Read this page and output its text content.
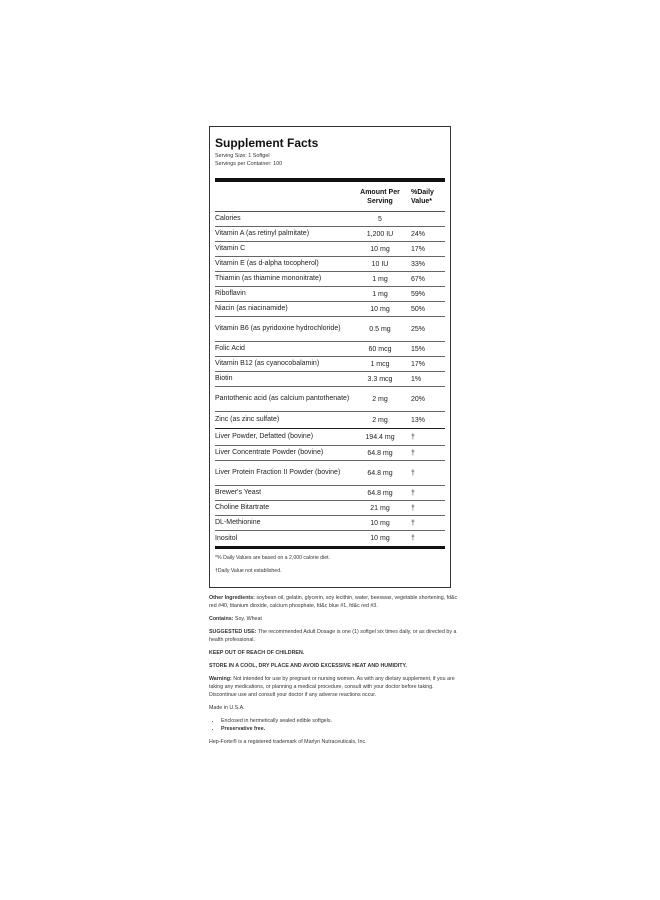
Supplement Facts
Serving Size: 1 Softgel
Servings per Container: 100
Amount Per Serving
%Daily Value*
Calories	5
Vitamin A (as retinyl palmitate)	1,200 IU	24%
Vitamin C	10 mg	17%
Vitamin E (as d-alpha tocopherol)	10 IU	33%
Thiamin (as thiamine mononitrate)	1 mg	67%
Riboflavin	1 mg	59%
Niacin (as niacinamide)	10 mg	50%
Vitamin B6 (as pyridoxine hydrochloride)	0.5 mg	25%
Folic Acid	60 mcg	15%
Vitamin B12 (as cyanocobalamin)	1 mcg	17%
Biotin	3.3 mcg	1%
Pantothenic acid (as calcium pantothenate)	2 mg	20%
Zinc (as zinc sulfate)	2 mg	13%
Liver Powder, Defatted (bovine)	194.4 mg	†
Liver Concentrate Powder (bovine)	64.8 mg	†
Liver Protein Fraction II Powder (bovine)	64.8 mg	†
Brewer's Yeast	64.8 mg	†
Choline Bitartrate	21 mg	†
DL-Methionine	10 mg	†
Inositol	10 mg	†
*% Daily Values are based on a 2,000 calorie diet.
†Daily Value not established.

Other Ingredients: soybean oil, gelatin, glycerin, soy lecithin, water, beeswax, vegetable shortening, fd&c red #40, titanium dioxide, calcium phosphate, fd&c blue #1, fd&c red #3.

Contains: Soy, Wheat

SUGGESTED USE: The recommended Adult Dosage is one (1) softgel six times daily, or as directed by a health professional.

KEEP OUT OF REACH OF CHILDREN.

STORE IN A COOL, DRY PLACE AND AVOID EXCESSIVE HEAT AND HUMIDITY.

Warning: Not intended for use by pregnant or nursing women. As with any dietary supplement, if you are taking any medications, or planning a medical procedure, consult with your doctor before taking. Discontinue use and consult your doctor if any adverse reactions occur.

Made in U.S.A.

• Enclosed in hermetically sealed edible softgels.
• Preservative free.

Hep-Forte® is a registered trademark of Marlyn Nutraceuticals, Inc.
